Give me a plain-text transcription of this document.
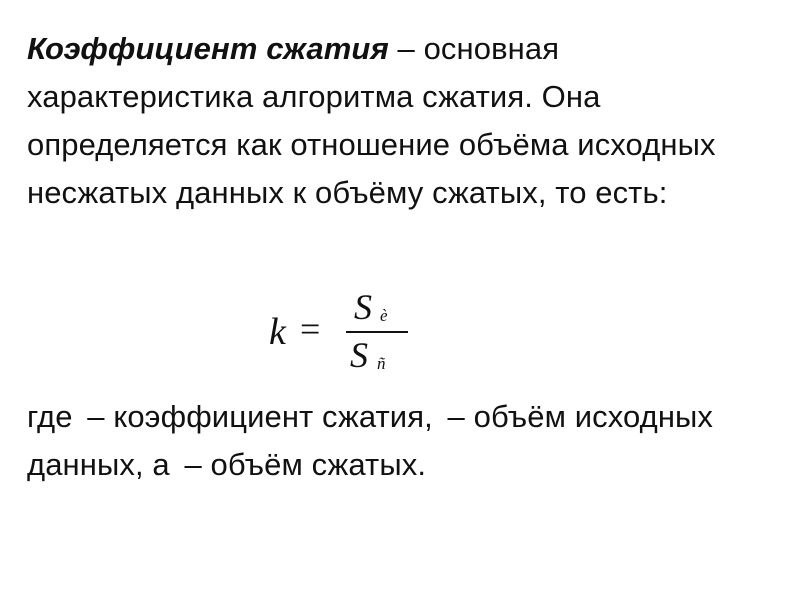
Коэффициент сжатия – основная характеристика алгоритма сжатия. Она определяется как отношение объёма исходных несжатых данных к объёму сжатых, то есть:

k =
S è
S ñ

где – коэффициент сжатия, – объём исходных данных, а – объём сжатых.
